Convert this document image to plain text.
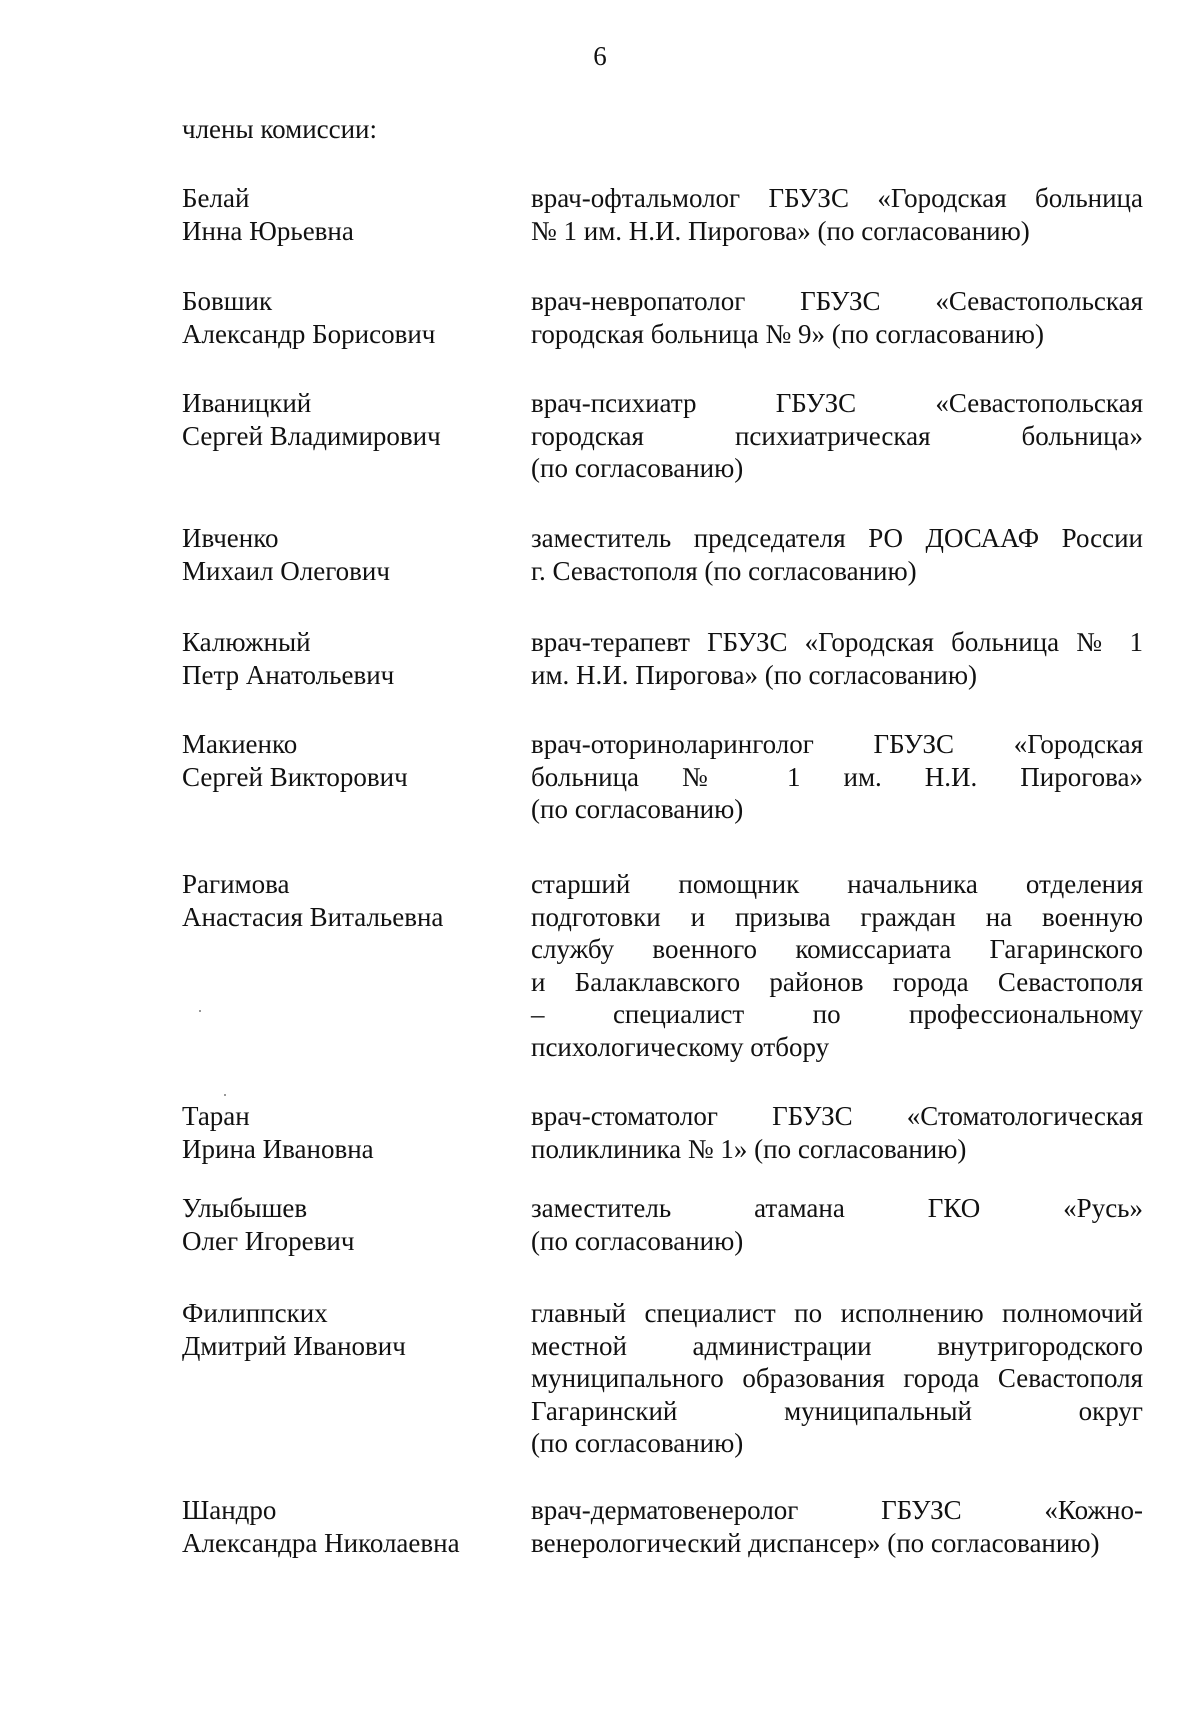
6
члены комиссии:
Белай
Инна Юрьевна
врач-офтальмолог ГБУЗС «Городская больница
№ 1 им. Н.И. Пирогова» (по согласованию)
Бовшик
Александр Борисович
врач-невропатолог ГБУЗС «Севастопольская
городская больница № 9» (по согласованию)
Иваницкий
Сергей Владимирович
врач-психиатр ГБУЗС «Севастопольская
городская психиатрическая больница»
(по согласованию)
Ивченко
Михаил Олегович
заместитель председателя РО ДОСААФ России
г. Севастополя (по согласованию)
Калюжный
Петр Анатольевич
врач-терапевт ГБУЗС «Городская больница № 1
им. Н.И. Пирогова» (по согласованию)
Макиенко
Сергей Викторович
врач-оториноларинголог ГБУЗС «Городская
больница № 1 им. Н.И. Пирогова»
(по согласованию)
Рагимова
Анастасия Витальевна
старший помощник начальника отделения
подготовки и призыва граждан на военную
службу военного комиссариата Гагаринского
и Балаклавского районов города Севастополя
– специалист по профессиональному
психологическому отбору
Таран
Ирина Ивановна
врач-стоматолог ГБУЗС «Стоматологическая
поликлиника № 1» (по согласованию)
Улыбышев
Олег Игоревич
заместитель атамана ГКО «Русь»
(по согласованию)
Филиппских
Дмитрий Иванович
главный специалист по исполнению полномочий
местной администрации внутригородского
муниципального образования города Севастополя
Гагаринский муниципальный округ
(по согласованию)
Шандро
Александра Николаевна
врач-дерматовенеролог ГБУЗС «Кожно-
венерологический диспансер» (по согласованию)
